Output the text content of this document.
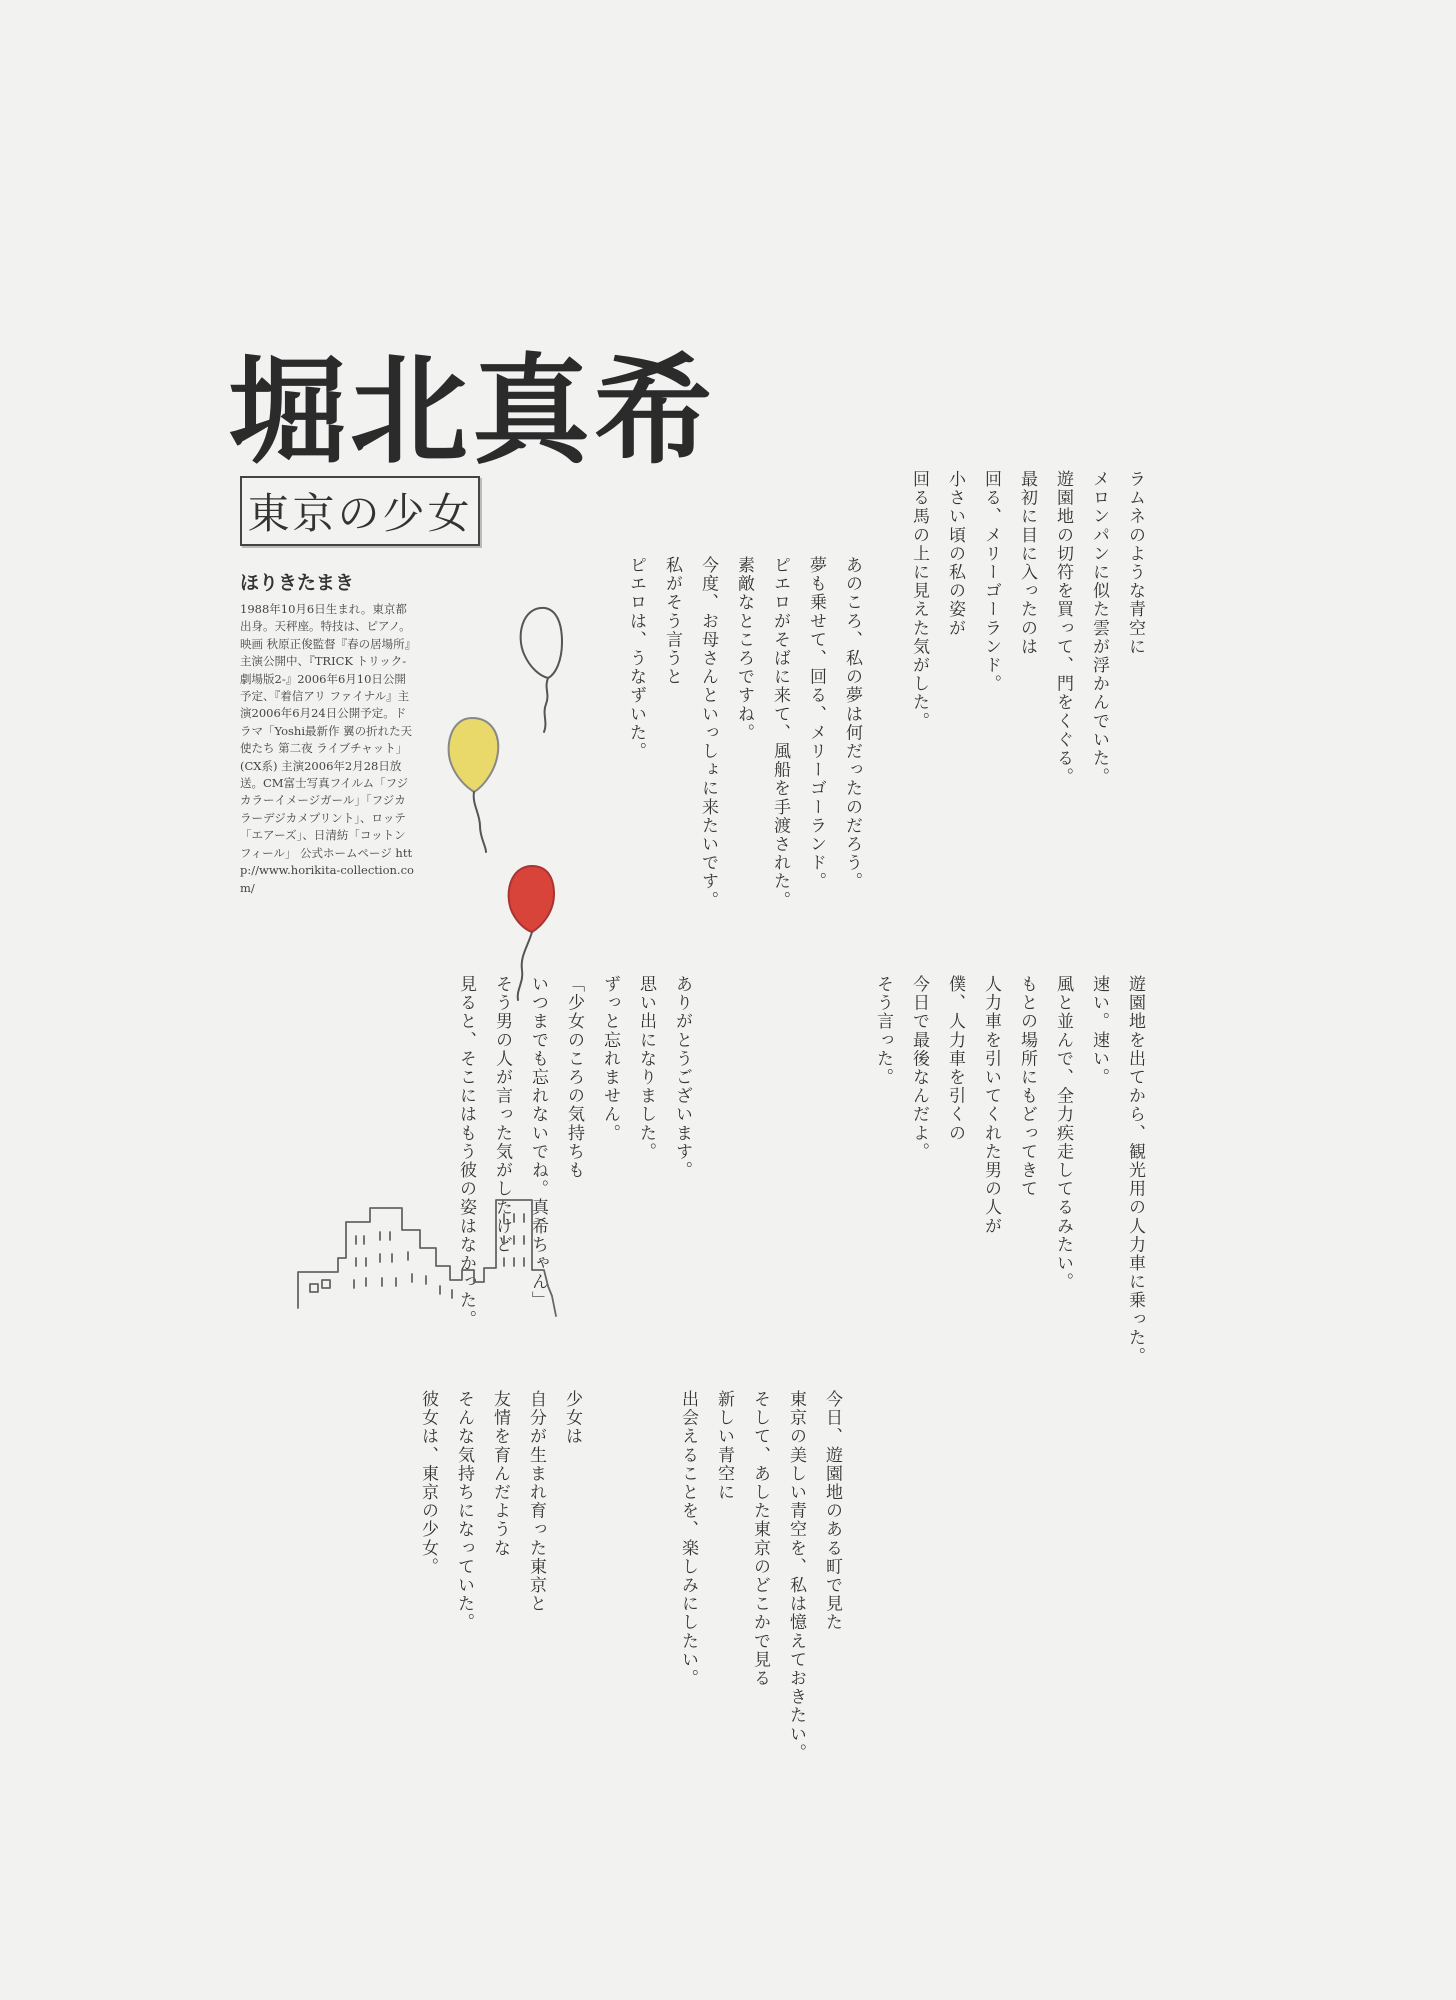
堀北真希
東京の少女
ほりきたまき
1988年10月6日生まれ。東京都出身。天秤座。特技は、ピアノ。映画 秋原正俊監督『春の居場所』主演公開中、『TRICK トリック-劇場版2-』2006年6月10日公開予定、『着信アリ ファイナル』主演2006年6月24日公開予定。ドラマ「Yoshi最新作 翼の折れた天使たち 第二夜 ライブチャット」(CX系) 主演2006年2月28日放送。CM富士写真フイルム「フジカラーイメージガール」「フジカラーデジカメプリント」、ロッテ「エアーズ」、日清紡「コットンフィール」 公式ホームページ http://www.horikita-collection.com/
ラムネのような青空に
メロンパンに似た雲が浮かんでいた。
遊園地の切符を買って、門をくぐる。
最初に目に入ったのは
回る、メリーゴーランド。
小さい頃の私の姿が
回る馬の上に見えた気がした。
あのころ、私の夢は何だったのだろう。
夢も乗せて、回る、メリーゴーランド。
ピエロがそばに来て、風船を手渡された。
素敵なところですね。
今度、お母さんといっしょに来たいです。
私がそう言うと
ピエロは、うなずいた。
遊園地を出てから、観光用の人力車に乗った。
速い。速い。
風と並んで、全力疾走してるみたい。
もとの場所にもどってきて
人力車を引いてくれた男の人が
僕、人力車を引くの
今日で最後なんだよ。
そう言った。
ありがとうございます。
思い出になりました。
ずっと忘れません。
「少女のころの気持ちも
いつまでも忘れないでね。真希ちゃん」
そう男の人が言った気がしたけど
見ると、そこにはもう彼の姿はなかった。
今日、遊園地のある町で見た
東京の美しい青空を、私は憶えておきたい。
そして、あした東京のどこかで見る
新しい青空に
出会えることを、楽しみにしたい。
少女は
自分が生まれ育った東京と
友情を育んだような
そんな気持ちになっていた。
彼女は、東京の少女。
